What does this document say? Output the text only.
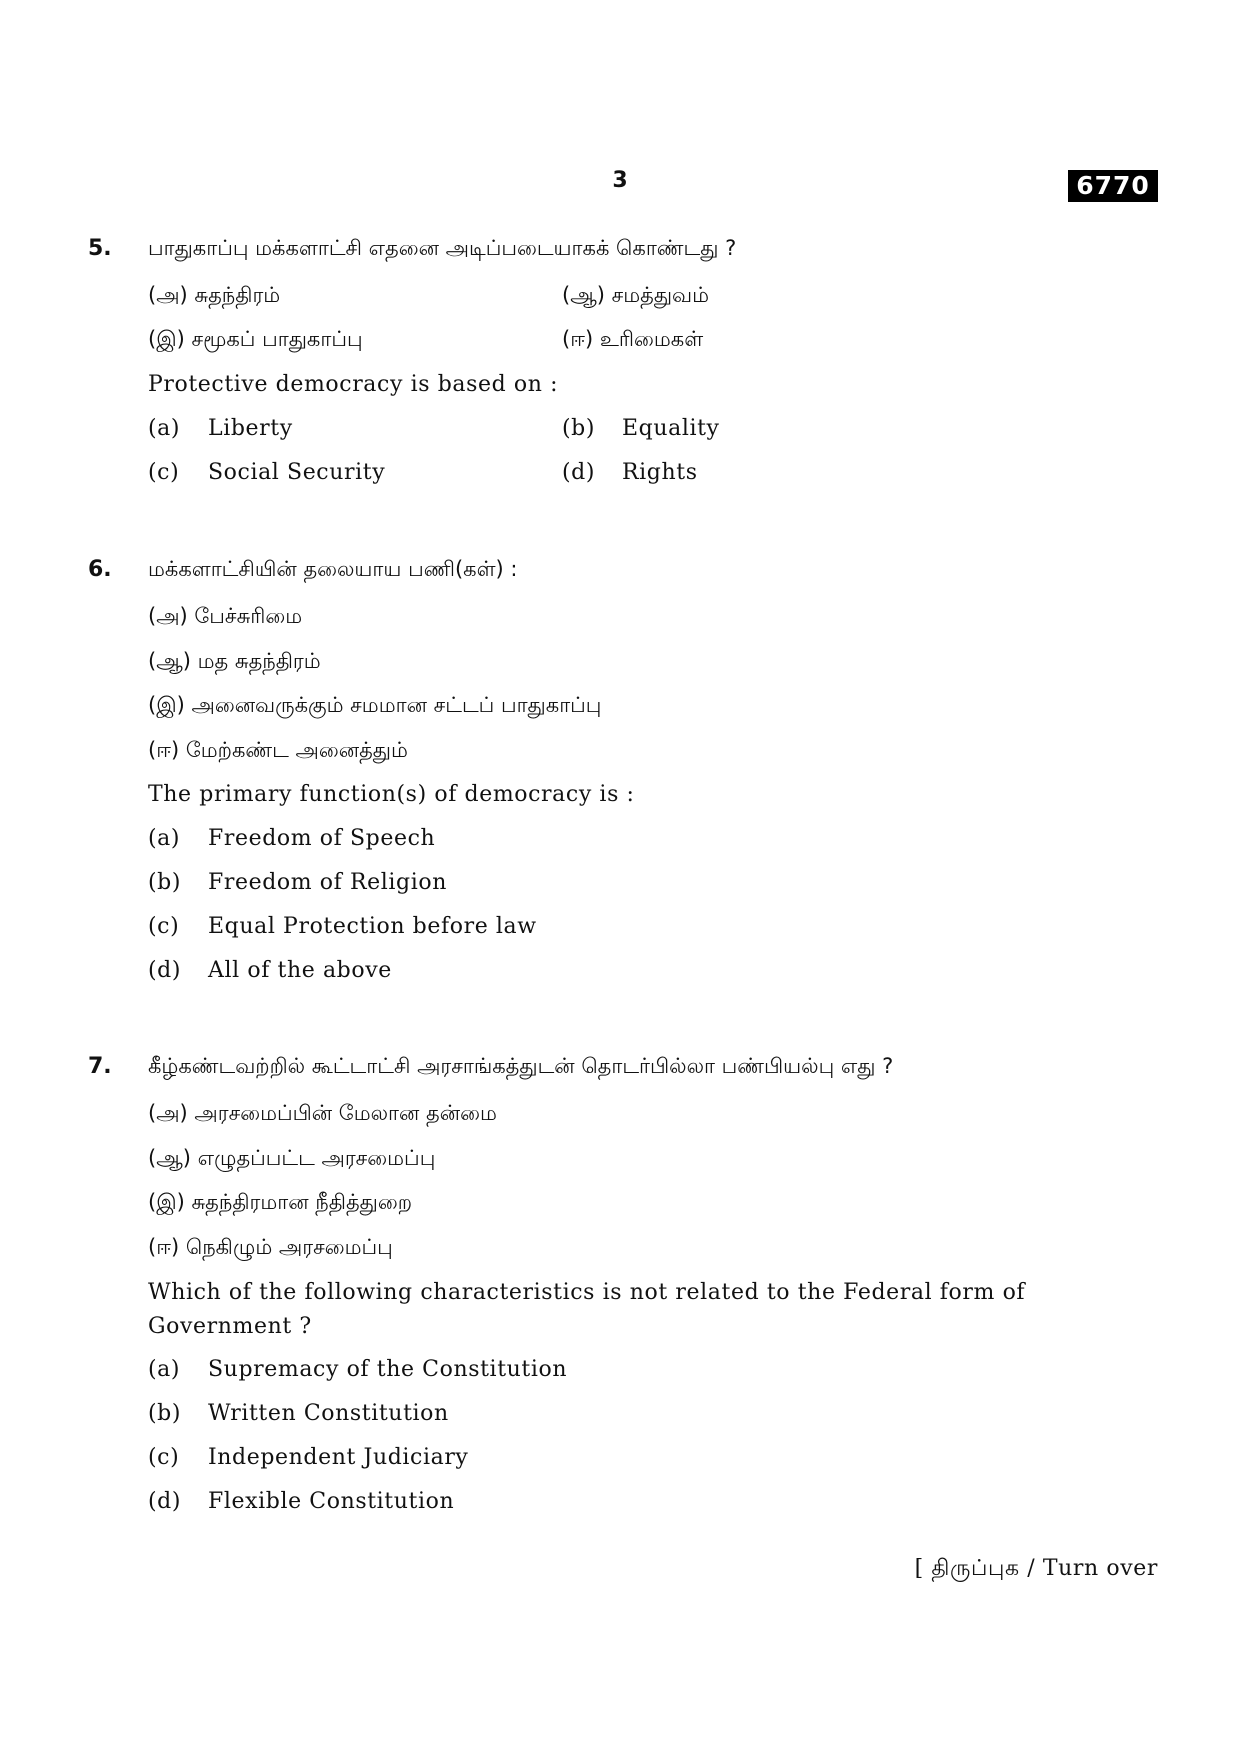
3	6770
5. பாதுகாப்பு மக்களாட்சி எதனை அடிப்படையாகக் கொண்டது ?
(அ) சுதந்திரம்	(ஆ) சமத்துவம்
(இ) சமூகப் பாதுகாப்பு	(ஈ) உரிமைகள்
Protective democracy is based on :
(a) Liberty	(b) Equality
(c) Social Security	(d) Rights
6. மக்களாட்சியின் தலையாய பணி(கள்) :
(அ) பேச்சுரிமை
(ஆ) மத சுதந்திரம்
(இ) அனைவருக்கும் சமமான சட்டப் பாதுகாப்பு
(ஈ) மேற்கண்ட அனைத்தும்
The primary function(s) of democracy is :
(a) Freedom of Speech
(b) Freedom of Religion
(c) Equal Protection before law
(d) All of the above
7. கீழ்கண்டவற்றில் கூட்டாட்சி அரசாங்கத்துடன் தொடர்பில்லா பண்பியல்பு எது ?
(அ) அரசமைப்பின் மேலான தன்மை
(ஆ) எழுதப்பட்ட அரசமைப்பு
(இ) சுதந்திரமான நீதித்துறை
(ஈ) நெகிழும் அரசமைப்பு
Which of the following characteristics is not related to the Federal form of Government ?
(a) Supremacy of the Constitution
(b) Written Constitution
(c) Independent Judiciary
(d) Flexible Constitution
[ திருப்புக / Turn over
